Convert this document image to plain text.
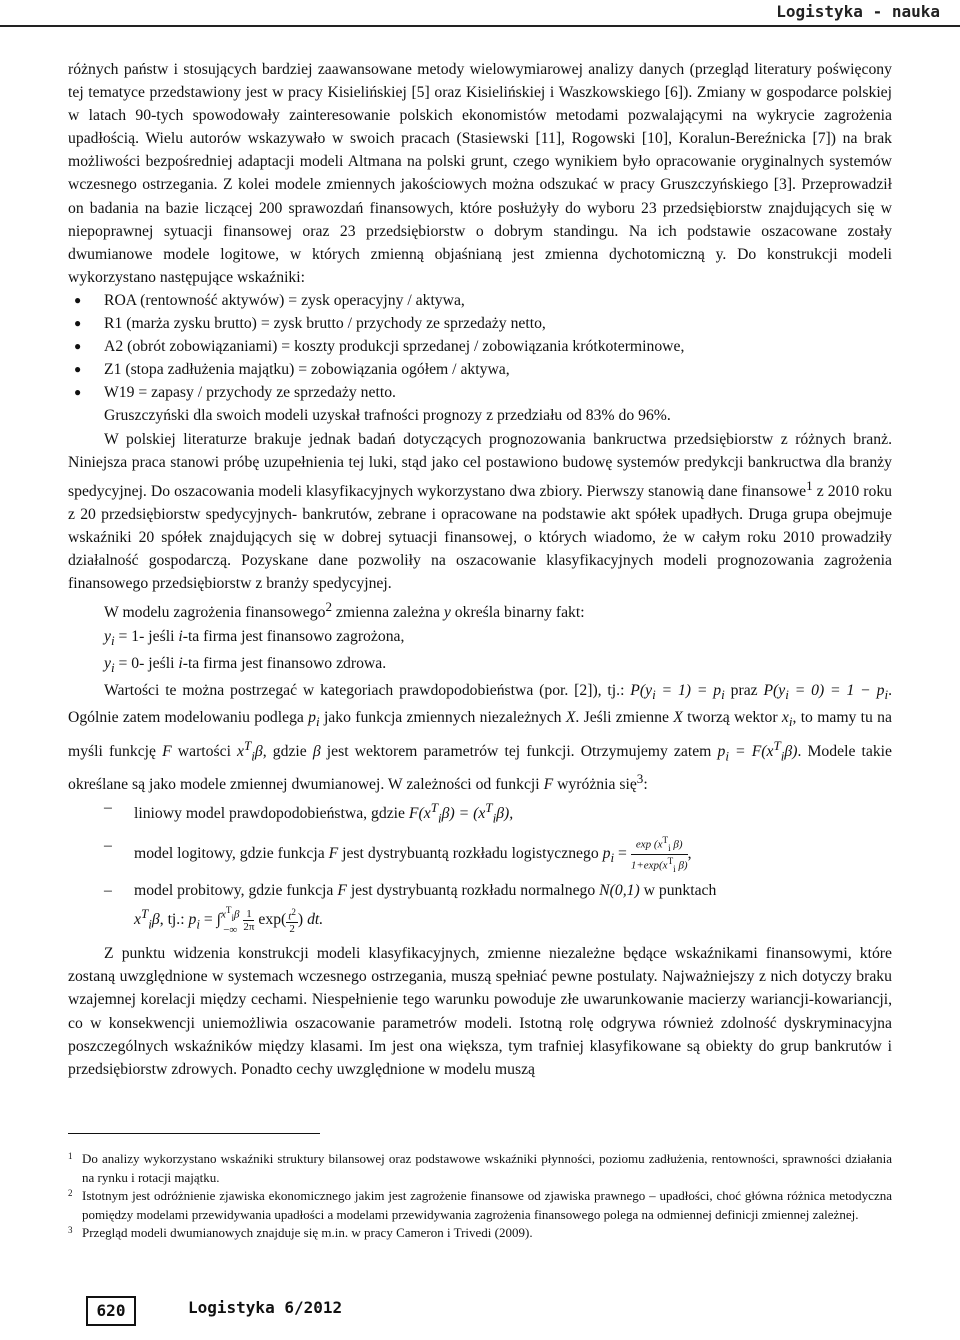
Logistyka - nauka

różnych państw i stosujących bardziej zaawansowane metody wielowymiarowej analizy danych (przegląd literatury poświęcony tej tematyce przedstawiony jest w pracy Kisielińskiej [5] oraz Kisielińskiej i Waszkowskiego [6]). Zmiany w gospodarce polskiej w latach 90-tych spowodowały zainteresowanie polskich ekonomistów metodami pozwalającymi na wykrycie zagrożenia upadłością. Wielu autorów wskazywało w swoich pracach (Stasiewski [11], Rogowski [10], Koralun-Bereźnicka [7]) na brak możliwości bezpośredniej adaptacji modeli Altmana na polski grunt, czego wynikiem było opracowanie oryginalnych systemów wczesnego ostrzegania. Z kolei modele zmiennych jakościowych można odszukać w pracy Gruszczyńskiego [3]. Przeprowadził on badania na bazie liczącej 200 sprawozdań finansowych, które posłużyły do wyboru 23 przedsiębiorstw znajdujących się w niepoprawnej sytuacji finansowej oraz 23 przedsiębiorstw o dobrym standingu. Na ich podstawie oszacowane zostały dwumianowe modele logitowe, w których zmienną objaśnianą jest zmienna dychotomiczną y. Do konstrukcji modeli wykorzystano następujące wskaźniki:

● ROA (rentowność aktywów) = zysk operacyjny / aktywa,
● R1 (marża zysku brutto) = zysk brutto / przychody ze sprzedaży netto,
● A2 (obrót zobowiązaniami) = koszty produkcji sprzedanej / zobowiązania krótkoterminowe,
● Z1 (stopa zadłużenia majątku) = zobowiązania ogółem / aktywa,
● W19 = zapasy / przychody ze sprzedaży netto.

Gruszczyński dla swoich modeli uzyskał trafności prognozy z przedziału od 83% do 96%.

W polskiej literaturze brakuje jednak badań dotyczących prognozowania bankructwa przedsiębiorstw z różnych branż. Niniejsza praca stanowi próbę uzupełnienia tej luki, stąd jako cel postawiono budowę systemów predykcji bankructwa dla branży spedycyjnej. Do oszacowania modeli klasyfikacyjnych wykorzystano dwa zbiory. Pierwszy stanowią dane finansowe$^1$ z 2010 roku z 20 przedsiębiorstw spedycyjnych- bankrutów, zebrane i opracowane na podstawie akt spółek upadłych. Druga grupa obejmuje wskaźniki 20 spółek znajdujących się w dobrej sytuacji finansowej, o których wiadomo, że w całym roku 2010 prowadziły działalność gospodarczą. Pozyskane dane pozwoliły na oszacowanie klasyfikacyjnych modeli prognozowania zagrożenia finansowego przedsiębiorstw z branży spedycyjnej.

W modelu zagrożenia finansowego$^2$ zmienna zależna y określa binarny fakt:

$y_i = 1-$ jeśli i-ta firma jest finansowo zagrożona,

$y_i = 0-$ jeśli i-ta firma jest finansowo zdrowa.

Wartości te można postrzegać w kategoriach prawdopodobieństwa (por. [2]), tj.: $P(y_i = 1) = p_i$ praz $P(y_i = 0) = 1 - p_i$. Ogólnie zatem modelowaniu podlega $p_i$ jako funkcja zmiennych niezależnych X. Jeśli zmienne X tworzą wektor $x_i$, to mamy tu na myśli funkcję F wartości $x^T_i\beta$, gdzie β jest wektorem parametrów tej funkcji. Otrzymujemy zatem $p_i = F(x^T_i\beta)$. Modele takie określane są jako modele zmiennej dwumianowej. W zależności od funkcji F wyróżnia się$^3$:

– liniowy model prawdopodobieństwa, gdzie $F(x^T_i\beta) = (x^T_i\beta)$,
– model logitowy, gdzie funkcja F jest dystrybuantą rozkładu logistycznego $p_i = \frac{\exp (x^T_i \beta)}{1+\exp(x^T_i \beta)}$ ,
– model probitowy, gdzie funkcja F jest dystrybuantą rozkładu normalnego N(0,1) w punktach

$x^T_i\beta$, tj.: $p_i$ = ∫ $x^T_i\beta$
−∞
$\frac{1}{2\pi} \exp( \frac{t^2}{2}$ ) dt.

Z punktu widzenia konstrukcji modeli klasyfikacyjnych, zmienne niezależne będące wskaźnikami finansowymi, które zostaną uwzględnione w systemach wczesnego ostrzegania, muszą spełniać pewne postulaty. Najważniejszy z nich dotyczy braku wzajemnej korelacji między cechami. Niespełnienie tego warunku powoduje złe uwarunkowanie macierzy wariancji-kowariancji, co w konsekwencji uniemożliwia oszacowanie parametrów modeli. Istotną rolę odgrywa również zdolność dyskryminacyjna poszczególnych wskaźników między klasami. Im jest ona większa, tym trafniej klasyfikowane są obiekty do grup bankrutów i przedsiębiorstw zdrowych. Ponadto cechy uwzględnione w modelu muszą

1 Do analizy wykorzystano wskaźniki struktury bilansowej oraz podstawowe wskaźniki płynności, poziomu zadłużenia, rentowności, sprawności działania na rynku i rotacji majątku.
2 Istotnym jest odróżnienie zjawiska ekonomicznego jakim jest zagrożenie finansowe od zjawiska prawnego – upadłości, choć główna różnica metodyczna pomiędzy modelami przewidywania upadłości a modelami przewidywania zagrożenia finansowego polega na odmiennej definicji zmiennej zależnej.
3 Przegląd modeli dwumianowych znajduje się m.in. w pracy Cameron i Trivedi (2009).
620	Logistyka 6/2012
